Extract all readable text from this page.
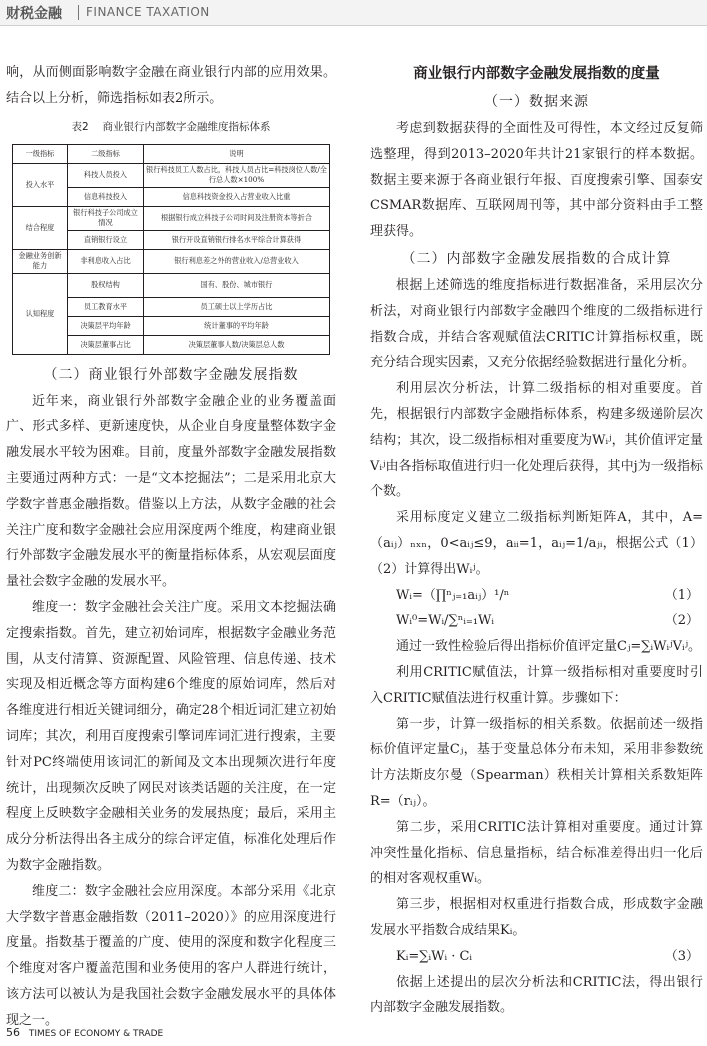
财税金融 FINANCE TAXATION

响，从而侧面影响数字金融在商业银行内部的应用效果。结合以上分析，筛选指标如表2所示。

表2　 商业银行内部数字金融维度指标体系
一级指标	二级指标	说明
投入水平	科技人员投入	银行科技员工人数占比，科技人员占比=科技岗位人数/全行总人数×100%
	信息科技投入	信息科技资金投入占营业收入比重
结合程度	银行科技子公司成立情况	根据银行成立科技子公司时间及注册资本等折合
	直销银行设立	银行开设直销银行排名水平综合计算获得
金融业务创新能力	非利息收入占比	银行利息差之外的营业收入/总营业收入
认知程度	股权结构	国有、股份、城市银行
	员工教育水平	员工硕士以上学历占比
	决策层平均年龄	统计董事的平均年龄
	决策层董事占比	决策层董事人数/决策层总人数
（二）商业银行外部数字金融发展指数

近年来，商业银行外部数字金融企业的业务覆盖面广、形式多样、更新速度快，从企业自身度量整体数字金融发展水平较为困难。目前，度量外部数字金融发展指数主要通过两种方式：一是“文本挖掘法”；二是采用北京大学数字普惠金融指数。借鉴以上方法，从数字金融的社会关注广度和数字金融社会应用深度两个维度，构建商业银行外部数字金融发展水平的衡量指标体系，从宏观层面度量社会数字金融的发展水平。

维度一：数字金融社会关注广度。采用文本挖掘法确定搜索指数。首先，建立初始词库，根据数字金融业务范围，从支付清算、资源配置、风险管理、信息传递、技术实现及相近概念等方面构建6个维度的原始词库，然后对各维度进行相近关键词细分，确定28个相近词汇建立初始词库；其次，利用百度搜索引擎词库词汇进行搜索，主要针对PC终端使用该词汇的新闻及文本出现频次进行年度统计，出现频次反映了网民对该类话题的关注度，在一定程度上反映数字金融相关业务的发展热度；最后，采用主成分分析法得出各主成分的综合评定值，标准化处理后作为数字金融指数。

维度二：数字金融社会应用深度。本部分采用《北京大学数字普惠金融指数（2011–2020）》的应用深度进行度量。指数基于覆盖的广度、使用的深度和数字化程度三个维度对客户覆盖范围和业务使用的客户人群进行统计，该方法可以被认为是我国社会数字金融发展水平的具体体现之一。

商业银行内部数字金融发展指数的度量
（一）数据来源

考虑到数据获得的全面性及可得性，本文经过反复筛选整理，得到2013–2020年共计21家银行的样本数据。数据主要来源于各商业银行年报、百度搜索引擎、国泰安CSMAR数据库、互联网周刊等，其中部分资料由手工整理获得。

（二）内部数字金融发展指数的合成计算

根据上述筛选的维度指标进行数据准备，采用层次分析法，对商业银行内部数字金融四个维度的二级指标进行指数合成，并结合客观赋值法CRITIC计算指标权重，既充分结合现实因素，又充分依据经验数据进行量化分析。

利用层次分析法，计算二级指标的相对重要度。首先，根据银行内部数字金融指标体系，构建多级递阶层次结构；其次，设二级指标相对重要度为Wᵢʲ，其价值评定量Vᵢʲ由各指标取值进行归一化处理后获得，其中j为一级指标个数。

采用标度定义建立二级指标判断矩阵A，其中，A=（aᵢⱼ）ₙₓₙ，0<aᵢⱼ≤9，aᵢᵢ=1，aᵢⱼ=1/aⱼᵢ，根据公式（1）（2）计算得出Wᵢʲ。

Wᵢ=（∏ⁿⱼ₌₁aᵢⱼ）¹/ⁿ	（1）
Wᵢ⁰=Wᵢ/∑ⁿᵢ₌₁Wᵢ	（2）

通过一致性检验后得出指标价值评定量Cⱼ=∑ᵢWᵢʲVᵢʲ。

利用CRITIC赋值法，计算一级指标相对重要度时引入CRITIC赋值法进行权重计算。步骤如下：

第一步，计算一级指标的相关系数。依据前述一级指标价值评定量Cⱼ，基于变量总体分布未知，采用非参数统计方法斯皮尔曼（Spearman）秩相关计算相关系数矩阵R=（rᵢⱼ）。

第二步，采用CRITIC法计算相对重要度。通过计算冲突性量化指标、信息量指标，结合标准差得出归一化后的相对客观权重Wᵢ。

第三步，根据相对权重进行指数合成，形成数字金融发展水平指数合成结果Kᵢ。

Kᵢ=∑ᵢWᵢ · Cᵢ	（3）

依据上述提出的层次分析法和CRITIC法，得出银行内部数字金融发展指数。

56 TIMES OF ECONOMY & TRADE
